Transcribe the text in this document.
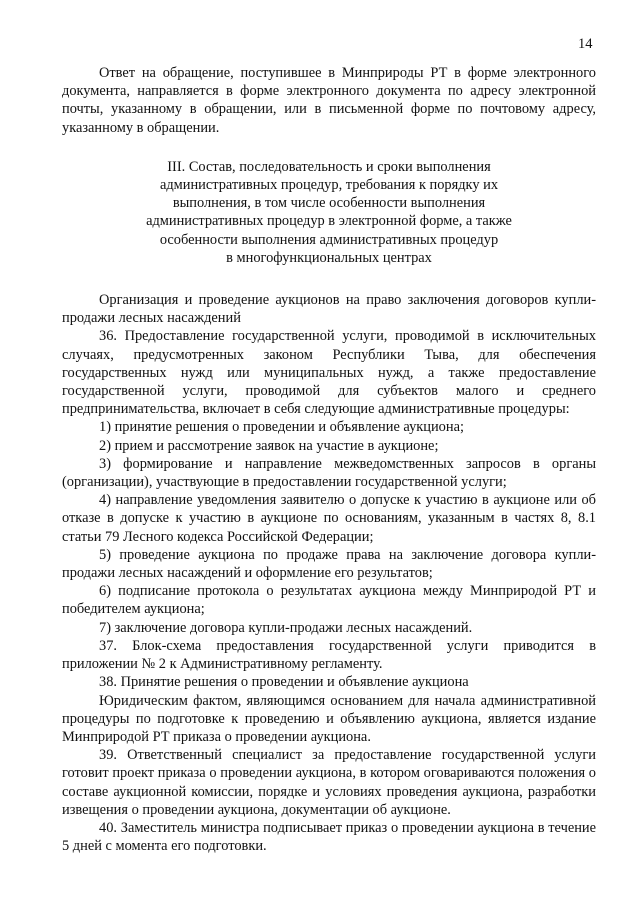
14

Ответ на обращение, поступившее в Минприроды РТ в форме электронного документа, направляется в форме электронного документа по адресу электронной почты, указанному в обращении, или в письменной форме по почтовому адресу, указанному в обращении.

III. Состав, последовательность и сроки выполнения
административных процедур, требования к порядку их
выполнения, в том числе особенности выполнения
административных процедур в электронной форме, а также
особенности выполнения административных процедур
в многофункциональных центрах

Организация и проведение аукционов на право заключения договоров купли-продажи лесных насаждений

36. Предоставление государственной услуги, проводимой в исключительных случаях, предусмотренных законом Республики Тыва, для обеспечения государственных нужд или муниципальных нужд, а также предоставление государственной услуги, проводимой для субъектов малого и среднего предпринимательства, включает в себя следующие административные процедуры:

1) принятие решения о проведении и объявление аукциона;

2) прием и рассмотрение заявок на участие в аукционе;

3) формирование и направление межведомственных запросов в органы (организации), участвующие в предоставлении государственной услуги;

4) направление уведомления заявителю о допуске к участию в аукционе или об отказе в допуске к участию в аукционе по основаниям, указанным в частях 8, 8.1 статьи 79 Лесного кодекса Российской Федерации;

5) проведение аукциона по продаже права на заключение договора купли-продажи лесных насаждений и оформление его результатов;

6) подписание протокола о результатах аукциона между Минприродой РТ и победителем аукциона;

7) заключение договора купли-продажи лесных насаждений.

37. Блок-схема предоставления государственной услуги приводится в приложении № 2 к Административному регламенту.

38. Принятие решения о проведении и объявление аукциона

Юридическим фактом, являющимся основанием для начала административной процедуры по подготовке к проведению и объявлению аукциона, является издание Минприродой РТ приказа о проведении аукциона.

39. Ответственный специалист за предоставление государственной услуги готовит проект приказа о проведении аукциона, в котором оговариваются положения о составе аукционной комиссии, порядке и условиях проведения аукциона, разработки извещения о проведении аукциона, документации об аукционе.

40. Заместитель министра подписывает приказ о проведении аукциона в течение 5 дней с момента его подготовки.
